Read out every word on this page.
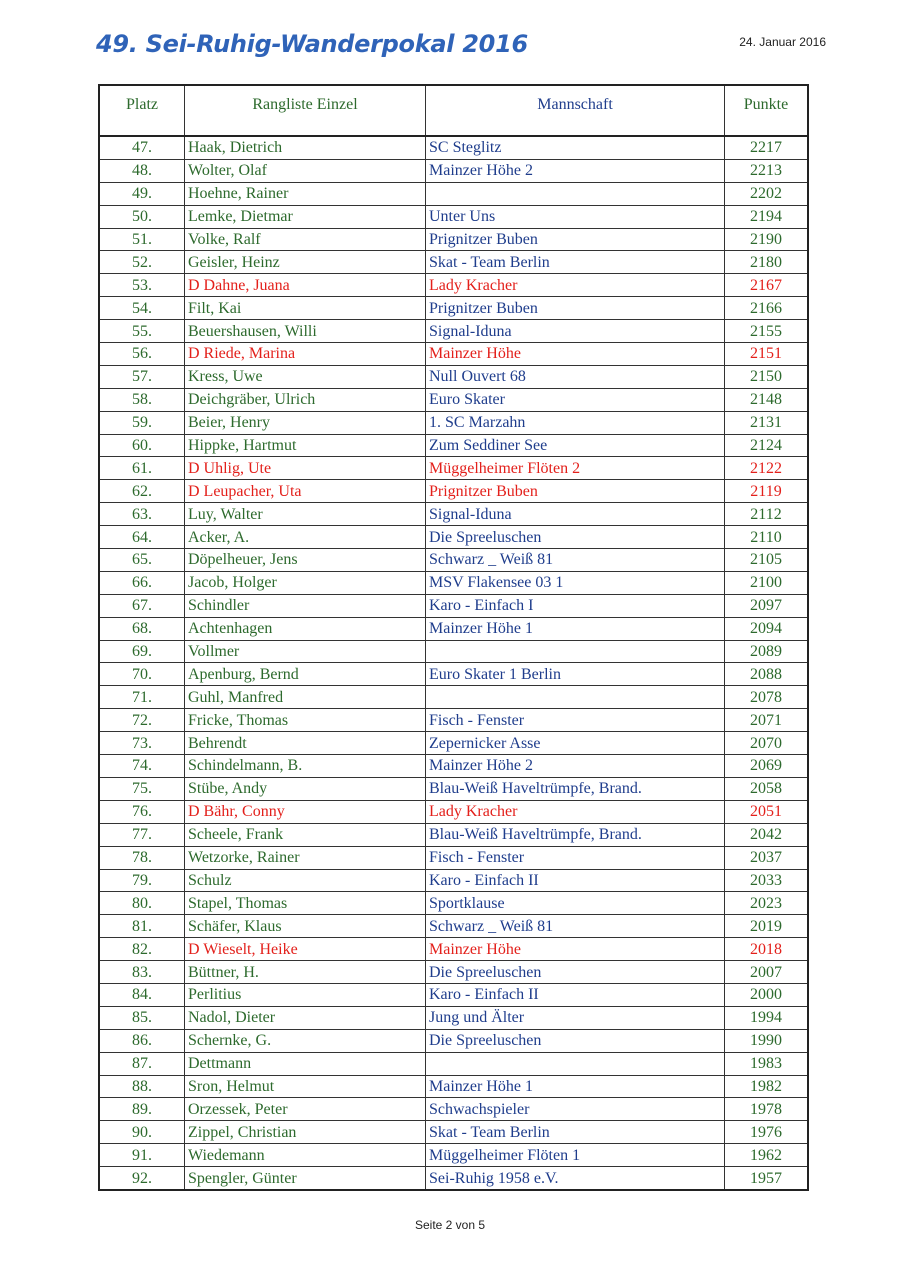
49. Sei-Ruhig-Wanderpokal 2016	24. Januar 2016
Platz	Rangliste Einzel	Mannschaft	Punkte
47.	Haak, Dietrich	SC Steglitz	2217
48.	Wolter, Olaf	Mainzer Höhe 2	2213
49.	Hoehne, Rainer		2202
50.	Lemke, Dietmar	Unter Uns	2194
51.	Volke, Ralf	Prignitzer Buben	2190
52.	Geisler, Heinz	Skat - Team Berlin	2180
53.	D Dahne, Juana	Lady Kracher	2167
54.	Filt, Kai	Prignitzer Buben	2166
55.	Beuershausen, Willi	Signal-Iduna	2155
56.	D Riede, Marina	Mainzer Höhe	2151
57.	Kress, Uwe	Null Ouvert 68	2150
58.	Deichgräber, Ulrich	Euro Skater	2148
59.	Beier, Henry	1. SC Marzahn	2131
60.	Hippke, Hartmut	Zum Seddiner See	2124
61.	D Uhlig, Ute	Müggelheimer Flöten 2	2122
62.	D Leupacher, Uta	Prignitzer Buben	2119
63.	Luy, Walter	Signal-Iduna	2112
64.	Acker, A.	Die Spreeluschen	2110
65.	Döpelheuer, Jens	Schwarz _ Weiß 81	2105
66.	Jacob, Holger	MSV Flakensee 03 1	2100
67.	Schindler	Karo - Einfach I	2097
68.	Achtenhagen	Mainzer Höhe 1	2094
69.	Vollmer		2089
70.	Apenburg, Bernd	Euro Skater 1 Berlin	2088
71.	Guhl, Manfred		2078
72.	Fricke, Thomas	Fisch - Fenster	2071
73.	Behrendt	Zepernicker Asse	2070
74.	Schindelmann, B.	Mainzer Höhe 2	2069
75.	Stübe, Andy	Blau-Weiß Haveltrümpfe, Brand.	2058
76.	D Bähr, Conny	Lady Kracher	2051
77.	Scheele, Frank	Blau-Weiß Haveltrümpfe, Brand.	2042
78.	Wetzorke, Rainer	Fisch - Fenster	2037
79.	Schulz	Karo - Einfach II	2033
80.	Stapel, Thomas	Sportklause	2023
81.	Schäfer, Klaus	Schwarz _ Weiß 81	2019
82.	D Wieselt, Heike	Mainzer Höhe	2018
83.	Büttner, H.	Die Spreeluschen	2007
84.	Perlitius	Karo - Einfach II	2000
85.	Nadol, Dieter	Jung und Älter	1994
86.	Schernke, G.	Die Spreeluschen	1990
87.	Dettmann		1983
88.	Sron, Helmut	Mainzer Höhe 1	1982
89.	Orzessek, Peter	Schwachspieler	1978
90.	Zippel, Christian	Skat - Team Berlin	1976
91.	Wiedemann	Müggelheimer Flöten 1	1962
92.	Spengler, Günter	Sei-Ruhig 1958 e.V.	1957
Seite 2 von 5
